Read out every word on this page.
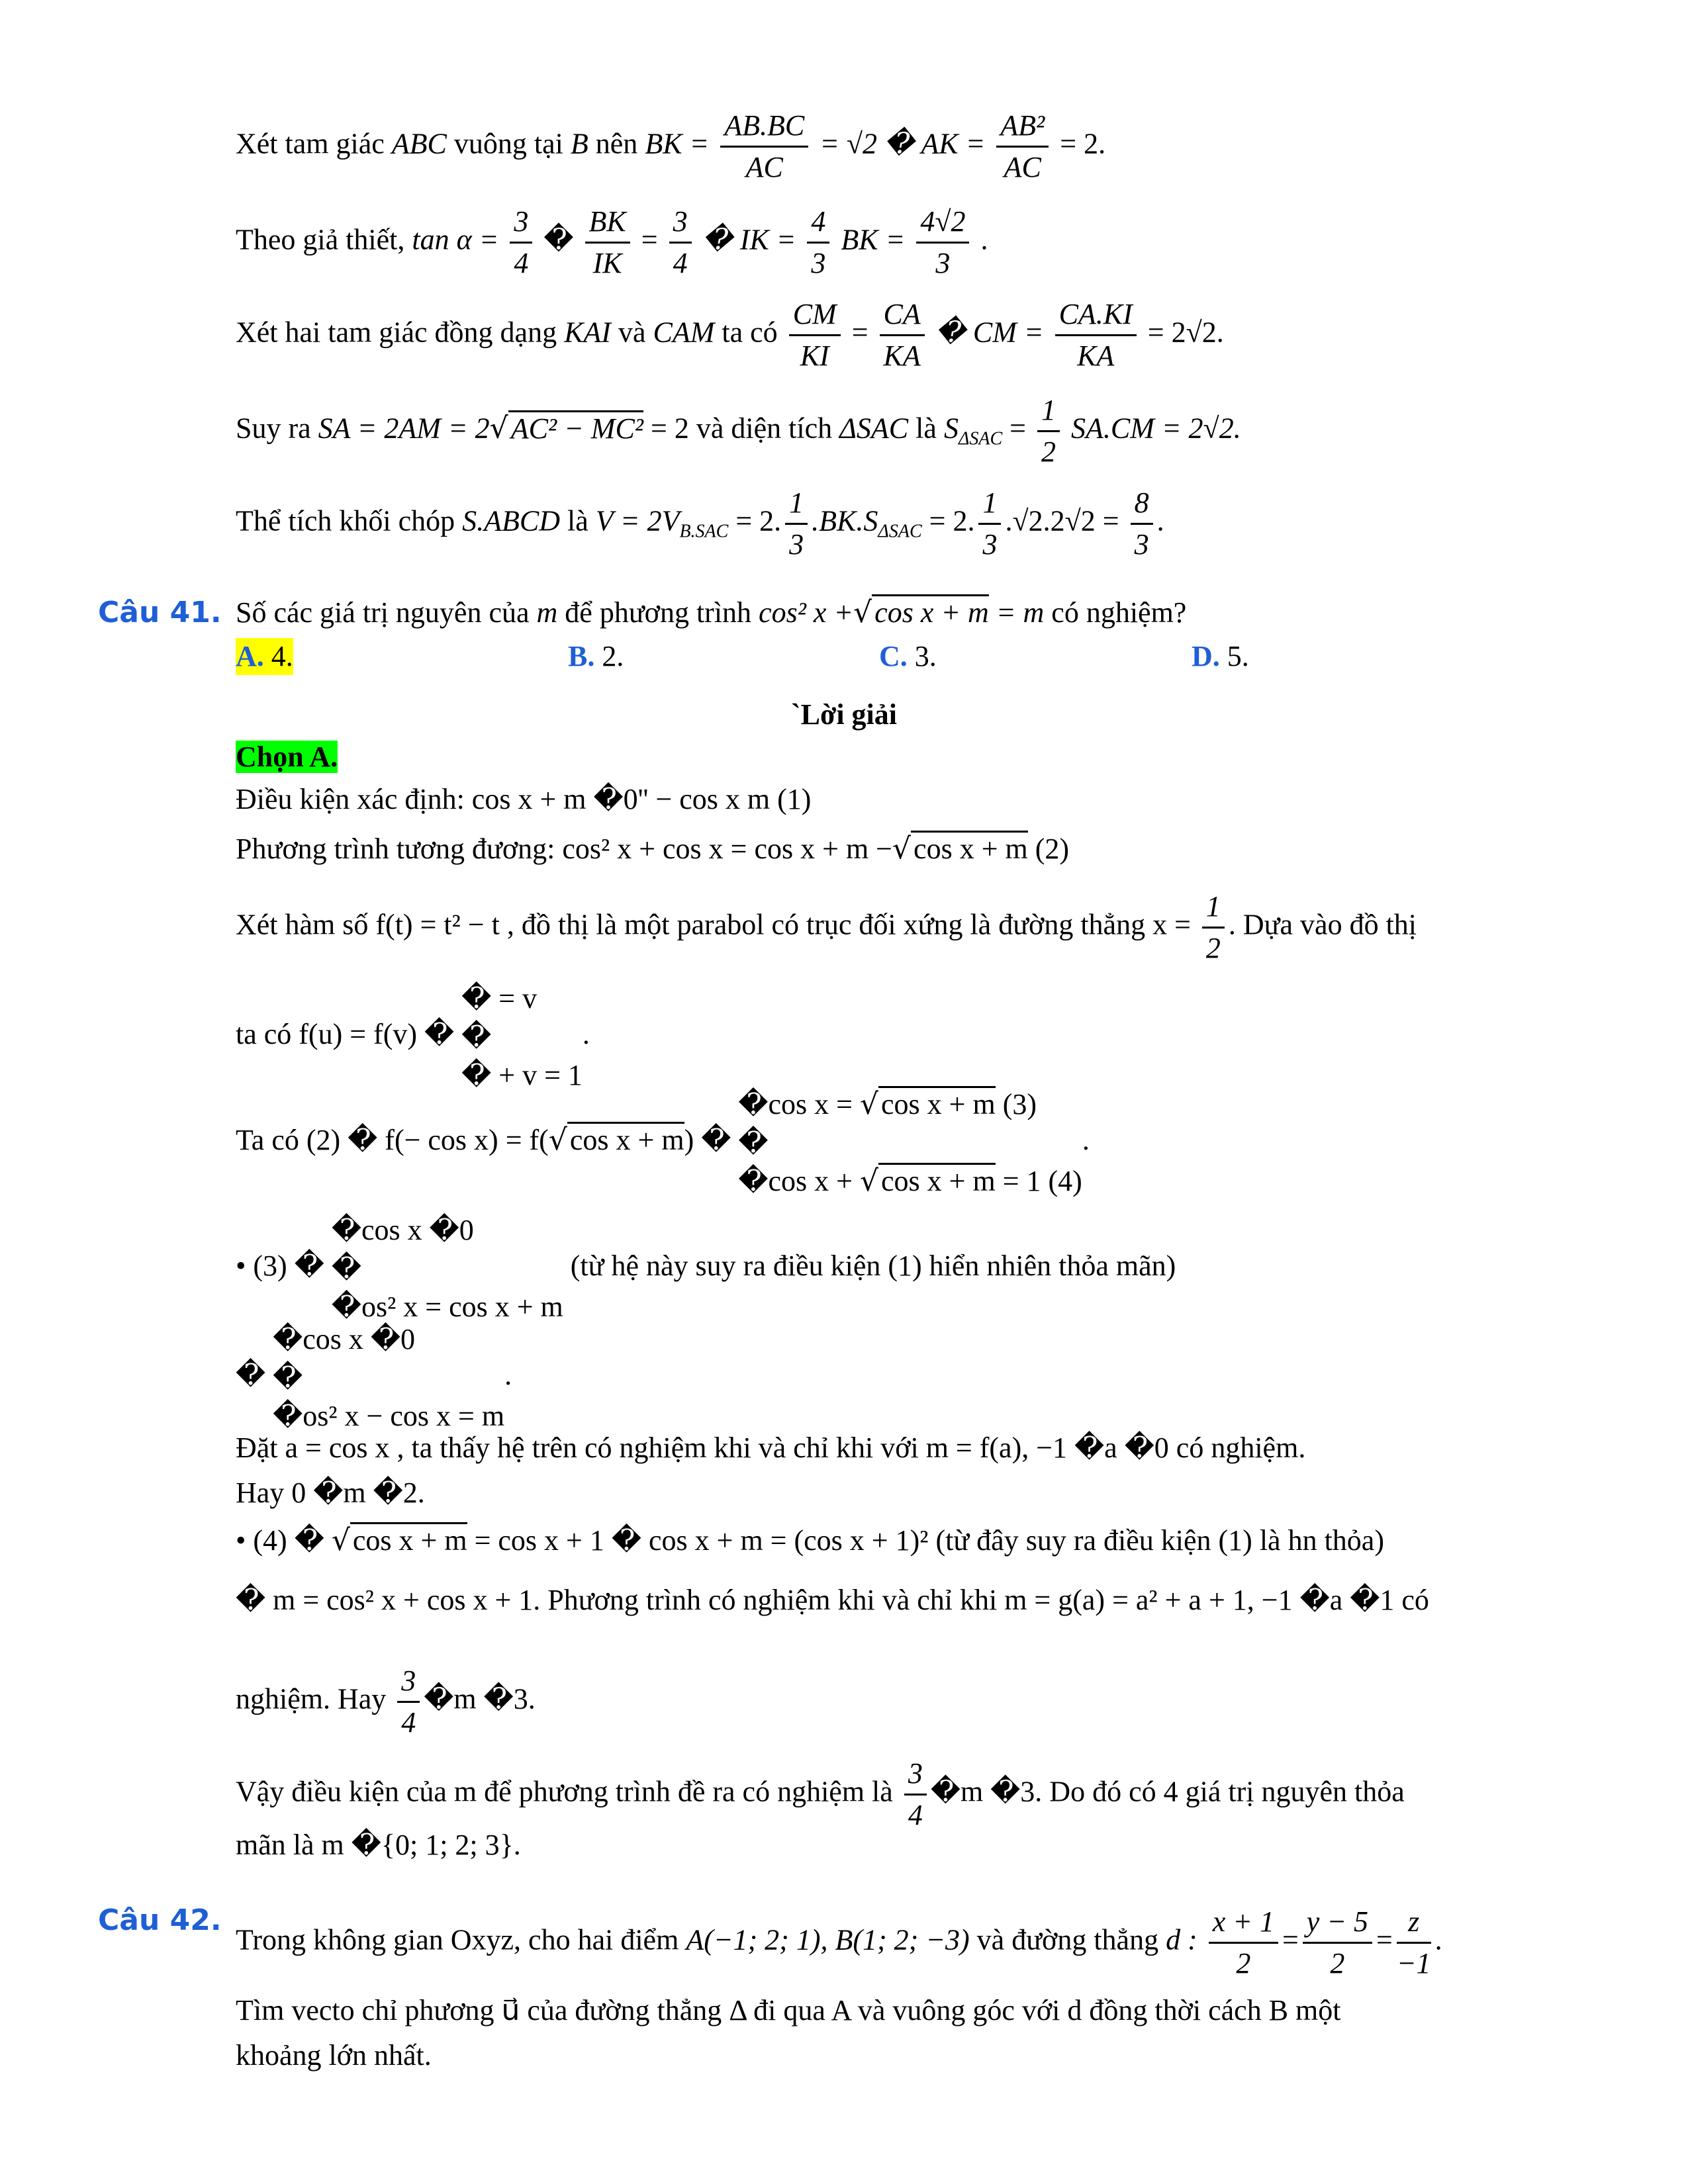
Xét tam giác ABC vuông tại B nên BK = $\frac{AB.BC}{AC} = √2$ � AK = $\frac{\text{AB²}}{AC} = 2$.
Theo giả thiết, $\tan \alpha = \frac{3}{4}$ � $\frac{BK}{IK} = \frac{3}{4}$ � IK = $\frac{4}{3}$ BK = $\frac{4√2}{3}$ .
Xét hai tam giác đồng dạng KAI và CAM ta có $\frac{CM}{KI} = \frac{CA}{KA}$ � CM = $\frac{CA.KI}{KA} = 2√2$.
Suy ra SA = 2AM = 2√AC² − MC² = 2 và diện tích ΔSAC là $S_{\Delta SAC} = \frac{1}{2} SA.CM = 2√2$.
Thể tích khối chóp S.ABCD là $V = 2V_{B.SAC} = 2$. $\frac{1}{3} .BK.S_{\Delta SAC} = 2$. $\frac{1}{3} .√2.2√2 = \frac{8}{3}$ .
Câu 41. Số các giá trị nguyên của m để phương trình cos² x +√cos x + m = m có nghiệm?
A. 4.	B. 2.	C. 3.	D. 5.
`Lời giải
Chọn A.
Điều kiện xác định: cos x + m �0'' − cos x m (1)
Phương trình tương đương: cos² x + cos x = cos x + m −√cos x + m (2)
Xét hàm số f(t) = t² − t , đồ thị là một parabol có trục đối xứng là đường thẳng $x = \frac{1}{2}$ . Dựa vào đồ thị
ta có f(u) = f(v) �
� = v
�
� + v = 1
.
Ta có (2) � f(− cos x) = f(√cos x + m) �
�cos x = √cos x + m (3)
�
�cos x + √cos x + m = 1 (4)
.
• (3) �
�cos x �0
�
�os² x = cos x + m
(từ hệ này suy ra điều kiện (1) hiển nhiên thỏa mãn)
�
�cos x �0
�
�os² x − cos x = m
.
Đặt a = cos x , ta thấy hệ trên có nghiệm khi và chỉ khi với m = f(a), −1 �a �0 có nghiệm.
Hay 0 �m �2.
• (4) � √cos x + m = cos x + 1 � cos x + m = (cos x + 1)² (từ đây suy ra điều kiện (1) là hn thỏa)
� m = cos² x + cos x + 1. Phương trình có nghiệm khi và chỉ khi m = g(a) = a² + a + 1, −1 �a �1 có
nghiệm. Hay $\frac{3}{4}$ �m �3.
Vậy điều kiện của m để phương trình đề ra có nghiệm là $\frac{3}{4}$ �m �3. Do đó có 4 giá trị nguyên thỏa
mãn là m �{0; 1; 2; 3}.
Câu 42.
Trong không gian Oxyz, cho hai điểm A(−1; 2; 1), B(1; 2; −3) và đường thẳng d : $\frac{x + 1}{2} = \frac{y - 5}{2} = \frac{z}{-1}$ .
Tìm vecto chỉ phương u⃗ của đường thẳng Δ đi qua A và vuông góc với d đồng thời cách B một
khoảng lớn nhất.
